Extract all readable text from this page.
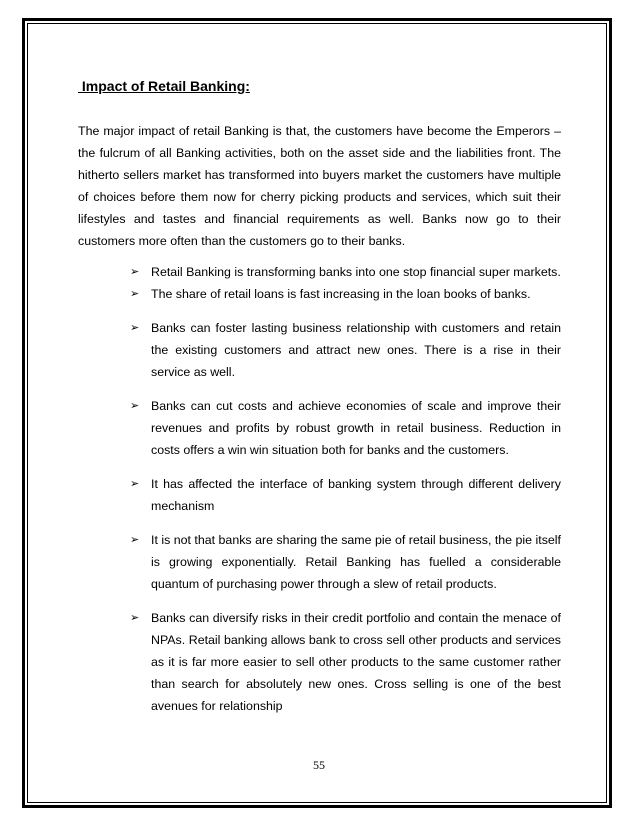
Impact of Retail Banking:

The major impact of retail Banking is that, the customers have become the Emperors – the fulcrum of all Banking activities, both on the asset side and the liabilities front. The hitherto sellers market has transformed into buyers market the customers have multiple of choices before them now for cherry picking products and services, which suit their lifestyles and tastes and financial requirements as well. Banks now go to their customers more often than the customers go to their banks.

➢ Retail Banking is transforming banks into one stop financial super markets.
➢ The share of retail loans is fast increasing in the loan books of banks.
➢ Banks can foster lasting business relationship with customers and retain the existing customers and attract new ones. There is a rise in their service as well.
➢ Banks can cut costs and achieve economies of scale and improve their revenues and profits by robust growth in retail business. Reduction in costs offers a win win situation both for banks and the customers.
➢ It has affected the interface of banking system through different delivery mechanism
➢ It is not that banks are sharing the same pie of retail business, the pie itself is growing exponentially. Retail Banking has fuelled a considerable quantum of purchasing power through a slew of retail products.
➢ Banks can diversify risks in their credit portfolio and contain the menace of NPAs. Retail banking allows bank to cross sell other products and services as it is far more easier to sell other products to the same customer rather than search for absolutely new ones. Cross selling is one of the best avenues for relationship
55
